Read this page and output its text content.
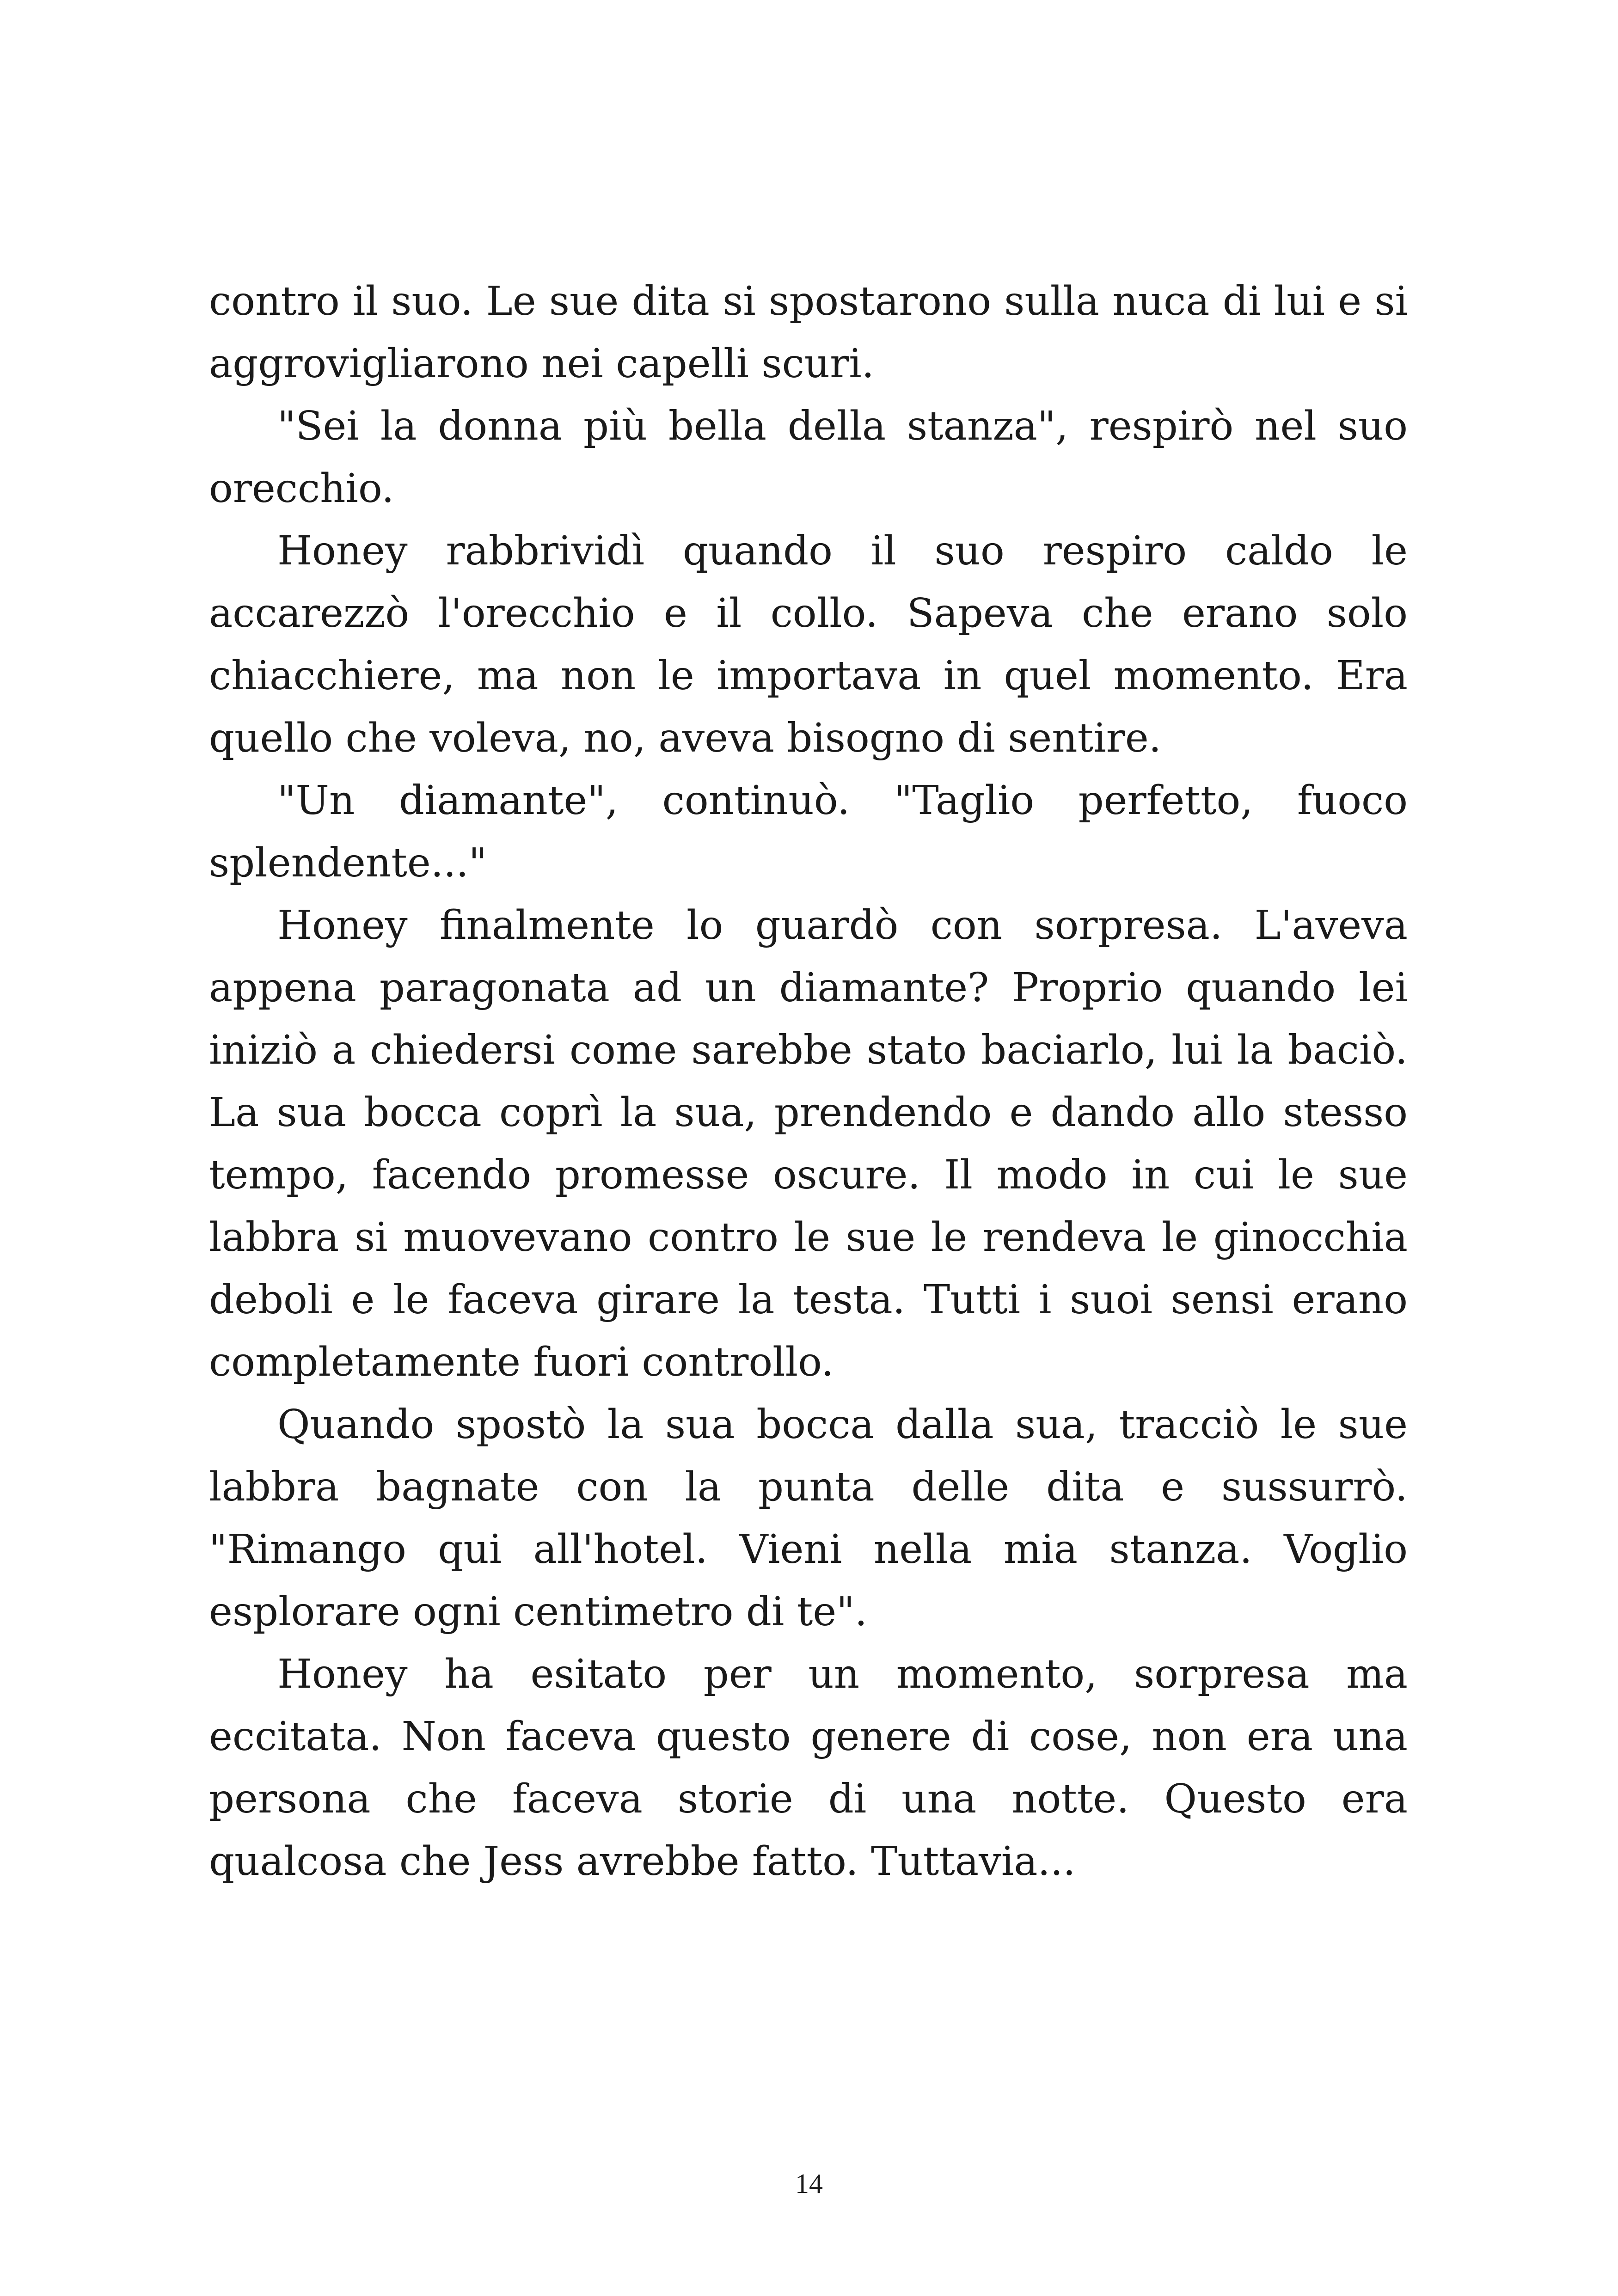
contro il suo. Le sue dita si spostarono sulla nuca di lui e si aggrovigliarono nei capelli scuri.

"Sei la donna più bella della stanza", respirò nel suo orecchio.

Honey rabbrividì quando il suo respiro caldo le accarezzò l'orecchio e il collo. Sapeva che erano solo chiacchiere, ma non le importava in quel momento. Era quello che voleva, no, aveva bisogno di sentire.

"Un diamante", continuò. "Taglio perfetto, fuoco splendente..."

Honey finalmente lo guardò con sorpresa. L'aveva appena paragonata ad un diamante? Proprio quando lei iniziò a chiedersi come sarebbe stato baciarlo, lui la baciò. La sua bocca coprì la sua, prendendo e dando allo stesso tempo, facendo promesse oscure. Il modo in cui le sue labbra si muovevano contro le sue le rendeva le ginocchia deboli e le faceva girare la testa. Tutti i suoi sensi erano completamente fuori controllo.

Quando spostò la sua bocca dalla sua, tracciò le sue labbra bagnate con la punta delle dita e sussurrò. "Rimango qui all'hotel. Vieni nella mia stanza. Voglio esplorare ogni centimetro di te".

Honey ha esitato per un momento, sorpresa ma eccitata. Non faceva questo genere di cose, non era una persona che faceva storie di una notte. Questo era qualcosa che Jess avrebbe fatto. Tuttavia...

14
